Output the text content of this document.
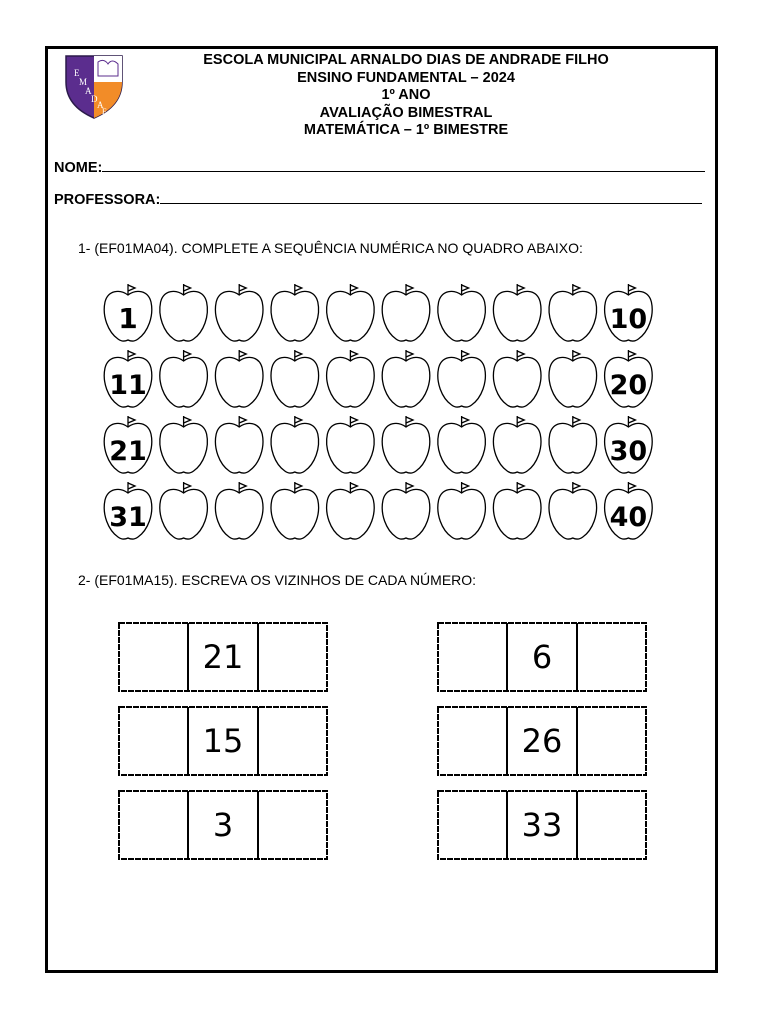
E
M
A
D
A
F
ESCOLA MUNICIPAL ARNALDO DIAS DE ANDRADE FILHO
ENSINO FUNDAMENTAL – 2024
1º ANO
AVALIAÇÃO BIMESTRAL
MATEMÁTICA – 1º BIMESTRE
NOME:
PROFESSORA:
1- (EF01MA04). COMPLETE A SEQUÊNCIA NUMÉRICA NO QUADRO ABAIXO:
1	10
11	20
21	30
31	40
2- (EF01MA15). ESCREVA OS VIZINHOS DE CADA NÚMERO:
21
15
3
6
26
33
